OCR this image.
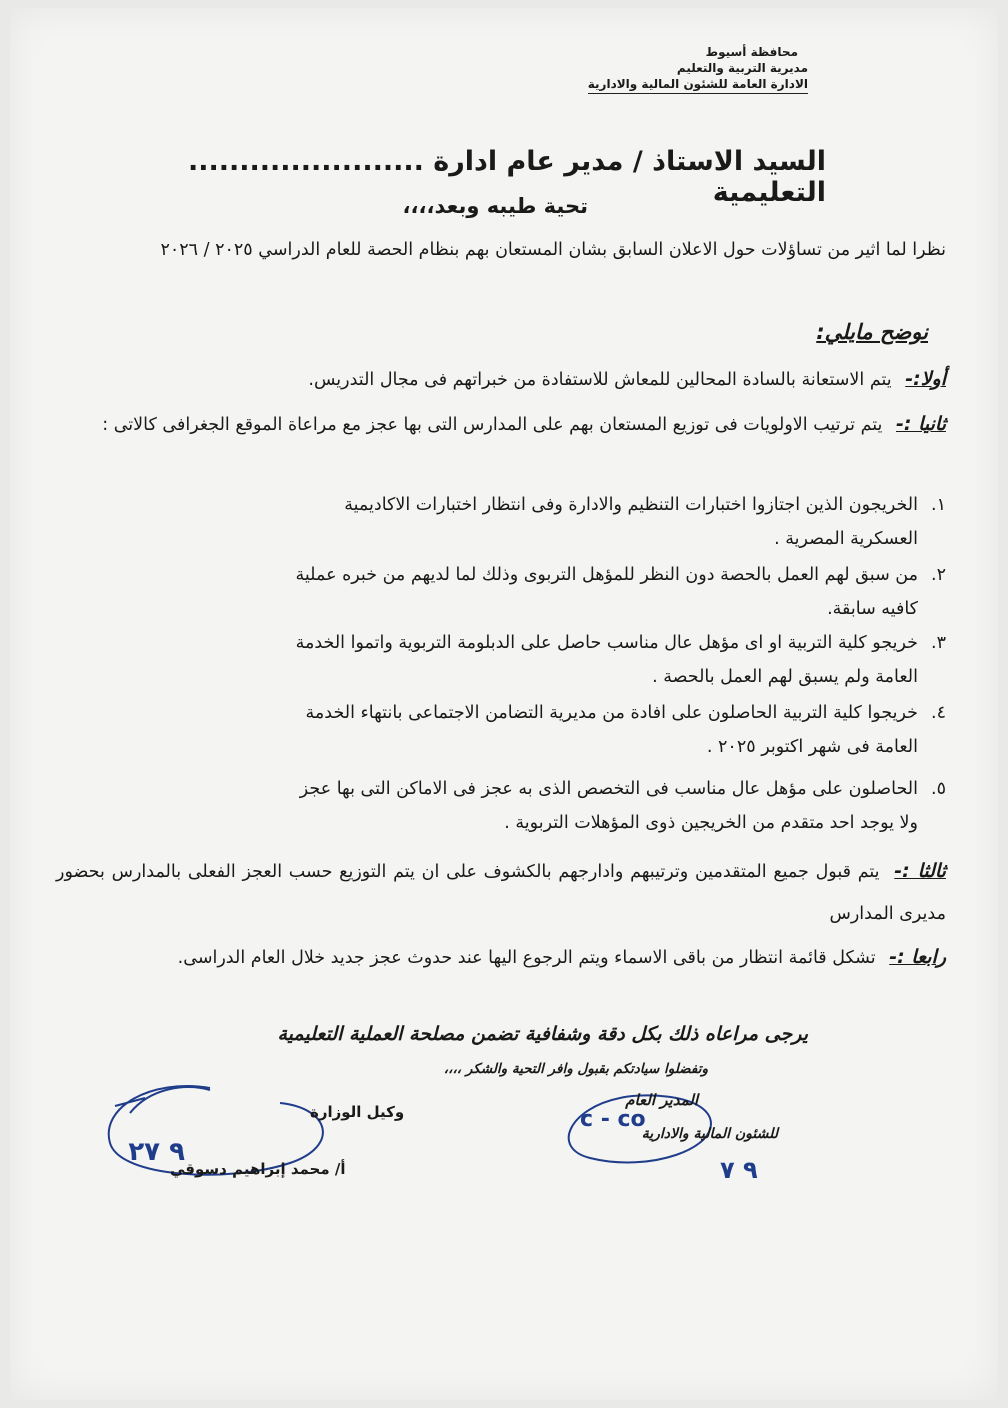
محافظة أسيوط
مديرية التربية والتعليم
الادارة العامة للشئون المالية والادارية
السيد الاستاذ / مدير عام ادارة ....................... التعليمية
تحية طيبه وبعد،،،،
نظرا لما اثير من تساؤلات حول الاعلان السابق بشان المستعان بهم بنظام الحصة للعام الدراسي ٢٠٢٥ / ٢٠٢٦
نوضح مايلي:
أولا:- يتم الاستعانة بالسادة المحالين للمعاش للاستفادة من خبراتهم فى مجال التدريس.
ثانيا :- يتم ترتيب الاولويات فى توزيع المستعان بهم على المدارس التى بها عجز مع مراعاة الموقع الجغرافى كالاتى :
١.الخريجون الذين اجتازوا اختبارات التنظيم والادارة وفى انتظار اختبارات الاكاديمية
العسكرية المصرية .
٢.من سبق لهم العمل بالحصة دون النظر للمؤهل التربوى وذلك لما لديهم من خبره عملية
كافيه سابقة.
٣.خريجو كلية التربية او اى مؤهل عال مناسب حاصل على الدبلومة التربوية واتموا الخدمة
العامة ولم يسبق لهم العمل بالحصة .
٤.خريجوا كلية التربية الحاصلون على افادة من مديرية التضامن الاجتماعى بانتهاء الخدمة
العامة فى شهر اكتوبر ٢٠٢٥ .
٥.الحاصلون على مؤهل عال مناسب فى التخصص الذى به عجز فى الاماكن التى بها عجز
ولا يوجد احد متقدم من الخريجين ذوى المؤهلات التربوية .
ثالثا :- يتم قبول جميع المتقدمين وترتيبهم وادارجهم بالكشوف على ان يتم التوزيع حسب العجز الفعلى بالمدارس بحضور مديرى المدارس
رابعا :- تشكل قائمة انتظار من باقى الاسماء ويتم الرجوع اليها عند حدوث عجز جديد خلال العام الدراسى.
يرجى مراعاه ذلك بكل دقة وشفافية تضمن مصلحة العملية التعليمية
وتفضلوا سيادتكم بقبول وافر التحية والشكر ،،،،
٩ ٢٧
وكيل الوزارة
أ/ محمد إبراهيم دسوقي
c - co
٩ ٧
المدير العام
للشئون المالية والادارية
